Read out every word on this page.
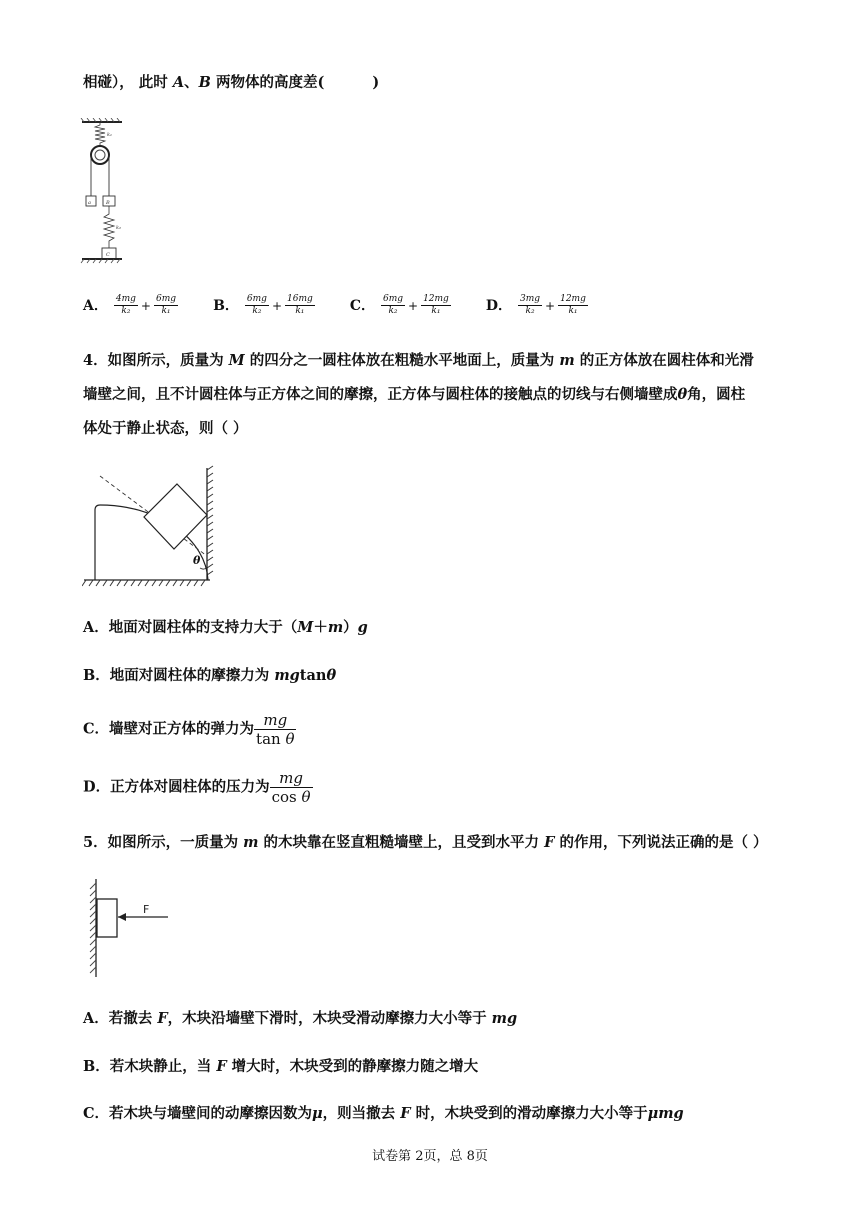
相碰）， 此时 A、B 两物体的高度差(	)
k₁
a	B
k₂
C
A． $\frac{4mg}{\text{k₂}} + \frac{6mg}{\text{k₁}}$	B． $\frac{6mg}{\text{k₂}} + \frac{16mg}{\text{k₁}}$	C． $\frac{6mg}{\text{k₂}} + \frac{12mg}{\text{k₁}}$	D． $\frac{3mg}{\text{k₂}} + \frac{12mg}{\text{k₁}}$
4．如图所示，质量为 M 的四分之一圆柱体放在粗糙水平地面上，质量为 m 的正方体放在圆柱体和光滑
墙壁之间，且不计圆柱体与正方体之间的摩擦，正方体与圆柱体的接触点的切线与右侧墙壁成θ角，圆柱
体处于静止状态，则（ ）
θ
A．地面对圆柱体的支持力大于（M＋m）g
B．地面对圆柱体的摩擦力为 mgtanθ
C．墙壁对正方体的弹力为 $\frac{mg}{\text{tan θ}}$
D．正方体对圆柱体的压力为 $\frac{mg}{\text{cos θ}}$
5．如图所示，一质量为 m 的木块靠在竖直粗糙墙壁上，且受到水平力 F 的作用，下列说法正确的是（ ）
F
A．若撤去 F，木块沿墙壁下滑时，木块受滑动摩擦力大小等于 mg
B．若木块静止，当 F 增大时，木块受到的静摩擦力随之增大
C．若木块与墙壁间的动摩擦因数为μ，则当撤去 F 时，木块受到的滑动摩擦力大小等于μmg
试卷第 2页，总 8页
